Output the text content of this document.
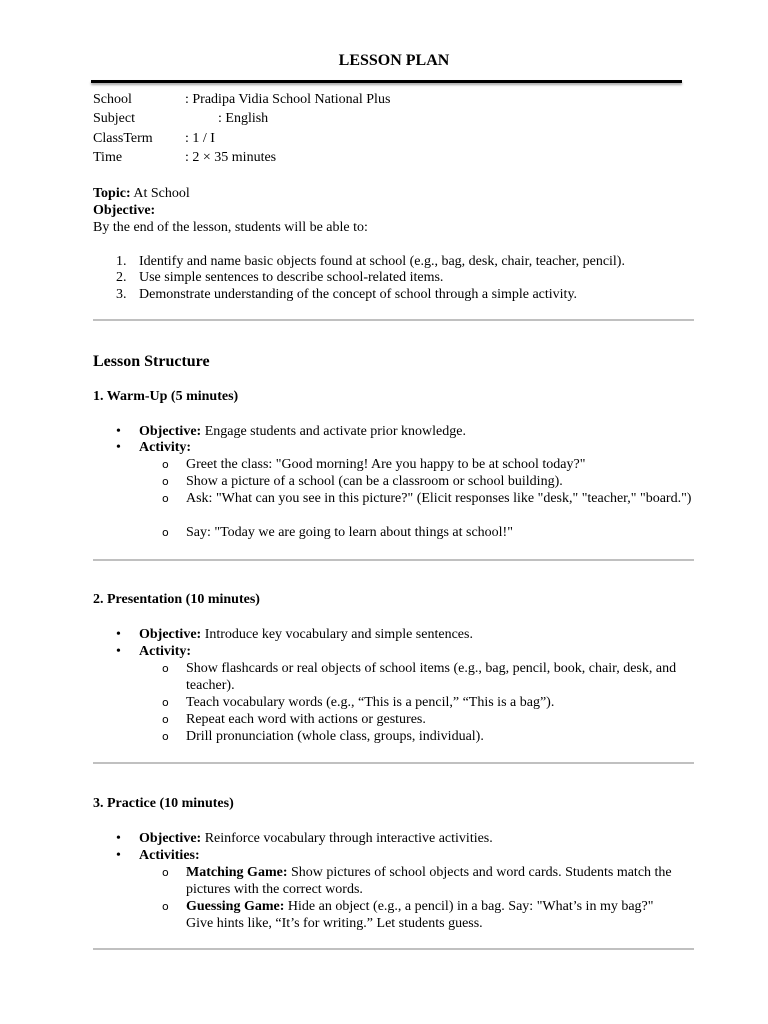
LESSON PLAN
School	: Pradipa Vidia School National Plus
Subject	: English
ClassTerm : 1 / I
Time	: 2 × 35 minutes
Topic: At School
Objective:
By the end of the lesson, students will be able to:
1. Identify and name basic objects found at school (e.g., bag, desk, chair, teacher, pencil).
2. Use simple sentences to describe school-related items.
3. Demonstrate understanding of the concept of school through a simple activity.
Lesson Structure
1. Warm-Up (5 minutes)
• Objective: Engage students and activate prior knowledge.
• Activity:
o Greet the class: "Good morning! Are you happy to be at school today?"
o Show a picture of a school (can be a classroom or school building).
o Ask: "What can you see in this picture?" (Elicit responses like "desk," "teacher," "board.")
o Say: "Today we are going to learn about things at school!"
2. Presentation (10 minutes)
• Objective: Introduce key vocabulary and simple sentences.
• Activity:
o Show flashcards or real objects of school items (e.g., bag, pencil, book, chair, desk, and teacher).
o Teach vocabulary words (e.g., “This is a pencil,” “This is a bag”).
o Repeat each word with actions or gestures.
o Drill pronunciation (whole class, groups, individual).
3. Practice (10 minutes)
• Objective: Reinforce vocabulary through interactive activities.
• Activities:
o Matching Game: Show pictures of school objects and word cards. Students match the pictures with the correct words.
o Guessing Game: Hide an object (e.g., a pencil) in a bag. Say: "What’s in my bag?" Give hints like, “It’s for writing.” Let students guess.
